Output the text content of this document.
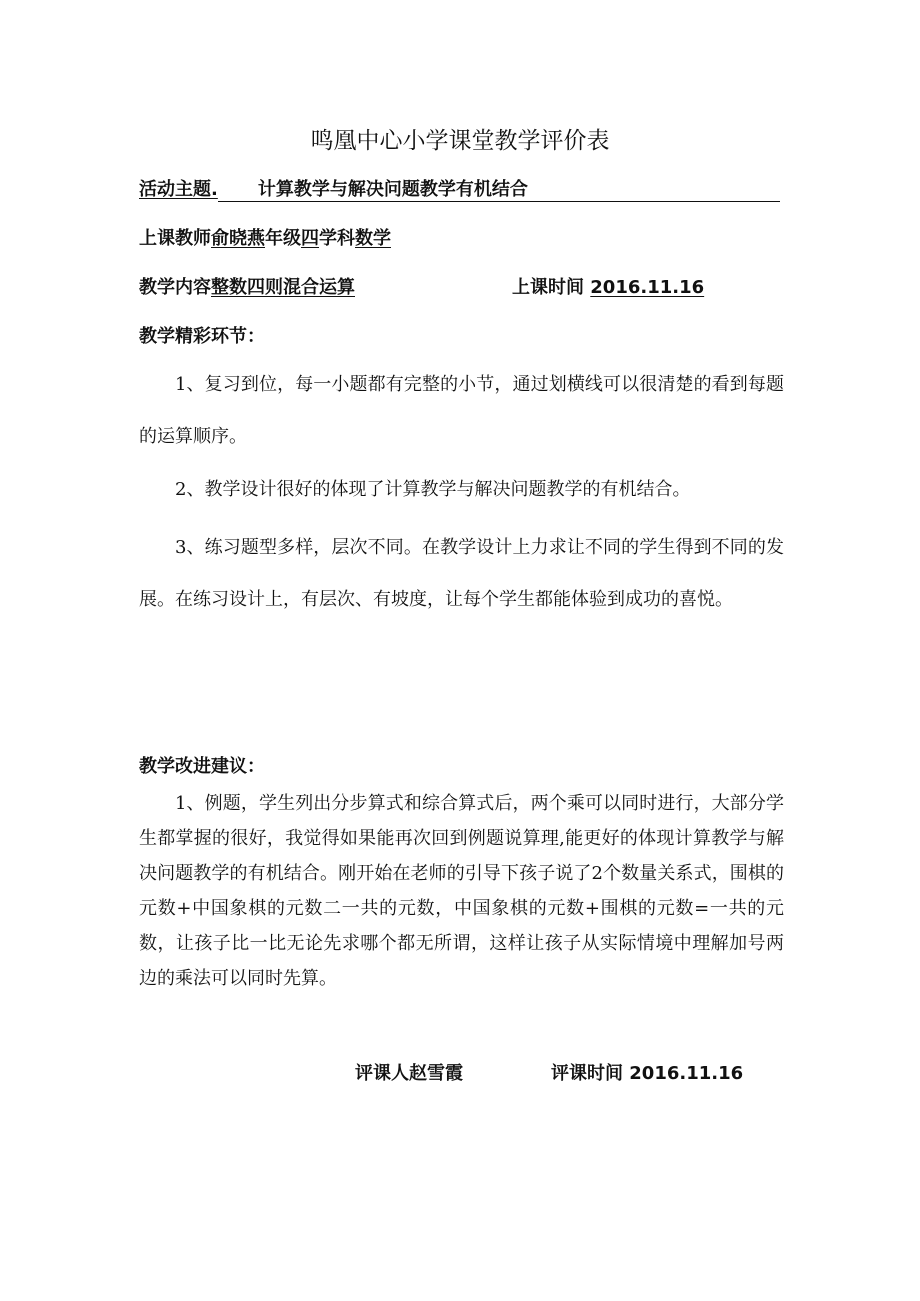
鸣凰中心小学课堂教学评价表
活动主题. 计算教学与解决问题教学有机结合
上课教师俞晓燕年级四学科数学
教学内容整数四则混合运算	上课时间 2016.11.16
教学精彩环节：
1、复习到位，每一小题都有完整的小节，通过划横线可以很清楚的看到每题的运算顺序。
2、教学设计很好的体现了计算教学与解决问题教学的有机结合。
3、练习题型多样，层次不同。在教学设计上力求让不同的学生得到不同的发展。在练习设计上，有层次、有坡度，让每个学生都能体验到成功的喜悦。
教学改进建议：
1、例题，学生列出分步算式和综合算式后，两个乘可以同时进行，大部分学生都掌握的很好，我觉得如果能再次回到例题说算理,能更好的体现计算教学与解决问题教学的有机结合。刚开始在老师的引导下孩子说了2个数量关系式，围棋的元数+中国象棋的元数二一共的元数，中国象棋的元数+围棋的元数=一共的元数，让孩子比一比无论先求哪个都无所谓，这样让孩子从实际情境中理解加号两边的乘法可以同时先算。
评课人赵雪霞	评课时间 2016.11.16
